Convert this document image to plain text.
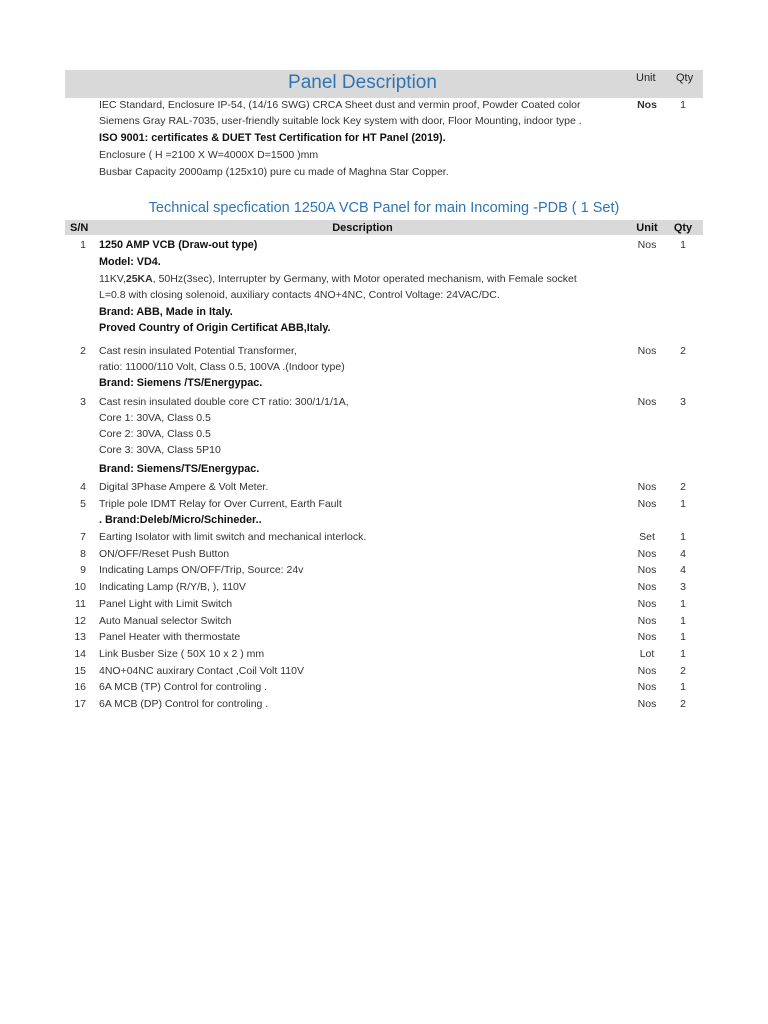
Panel Description	Unit Qty
IEC Standard, Enclosure IP-54, (14/16 SWG) CRCA Sheet dust and vermin proof, Powder Coated color
Siemens Gray RAL-7035, user-friendly suitable lock Key system with door, Floor Mounting, indoor type .
ISO 9001: certificates & DUET Test Certification for HT Panel (2019).
Enclosure ( H =2100 X W=4000X D=1500 )mm
Busbar Capacity 2000amp (125x10) pure cu made of Maghna Star Copper.
Nos	1
Technical specfication 1250A VCB Panel for main Incoming -PDB ( 1 Set)
S/N	Description	Unit	Qty
1 1250 AMP VCB (Draw-out type)
Model: VD4.
11KV,25KA, 50Hz(3sec), Interrupter by Germany, with Motor operated mechanism, with Female socket
L=0.8 with closing solenoid, auxiliary contacts 4NO+4NC, Control Voltage: 24VAC/DC.
Brand: ABB, Made in Italy.
Proved Country of Origin Certificat ABB,Italy.
Nos	1
2 Cast resin insulated Potential Transformer,
ratio: 11000/110 Volt, Class 0.5, 100VA .(Indoor type)
Brand: Siemens /TS/Energypac.
Nos	2
3 Cast resin insulated double core CT ratio: 300/1/1/1A,
Core 1: 30VA, Class 0.5
Core 2: 30VA, Class 0.5
Core 3: 30VA, Class 5P10
Brand: Siemens/TS/Energypac.
Nos	3
4 Digital 3Phase Ampere & Volt Meter.	Nos	2
5 Triple pole IDMT Relay for Over Current, Earth Fault
. Brand:Deleb/Micro/Schineder..
Nos	1
7 Earting Isolator with limit switch and mechanical interlock.	Set	1
8 ON/OFF/Reset Push Button	Nos	4
9 Indicating Lamps ON/OFF/Trip, Source: 24v	Nos	4
10 Indicating Lamp (R/Y/B, ), 110V	Nos	3
11 Panel Light with Limit Switch	Nos	1
12 Auto Manual selector Switch	Nos	1
13 Panel Heater with thermostate	Nos	1
14 Link Busber Size ( 50X 10 x 2 ) mm	Lot	1
15 4NO+04NC auxirary Contact ,Coil Volt 110V	Nos	2
16 6A MCB (TP) Control for controling .	Nos	1
17 6A MCB (DP) Control for controling .	Nos	2
